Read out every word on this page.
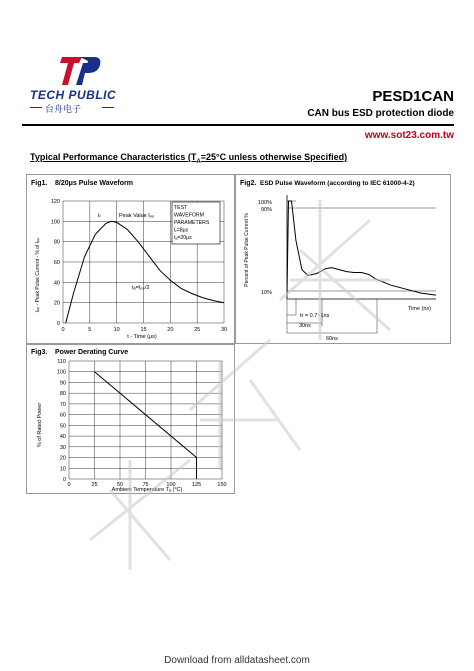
TECH PUBLIC
台舟电子
PESD1CAN
CAN bus ESD protection diode
www.sot23.com.tw
Typical Performance Characteristics ($T_A=25^\circ C$ unless otherwise Specified)
Fig1. 8/20μs Pulse Waveform
0	5	10	15	20	25	30
0
20
40
60
80
100
120
TEST
WAVEFORM
PARAMETERS
tᵣ=8μs
tₐ=20μs
tᵣ	Peak Value Iₚₚ
tₐ=Iₚₚ/2
Iₚₚ - Peak Pulse Current - % of Iₚₚ
t - Time (μs)
Fig2. ESD Pulse Waveform (according to IEC 61000-4-2)
100%
90%
10%
Percent of Peak Pulse Current %
Time (ns)
tr = 0.7~1ns
30ns
60ns
Fig3. Power Derating Curve
0	25	50	75	100	125	150
0
10
20
30
40
50
60
70
80
90
100
110
% of Rated Power
Ambient Temperature Tₐ (°C)
Download from alldatasheet.com
